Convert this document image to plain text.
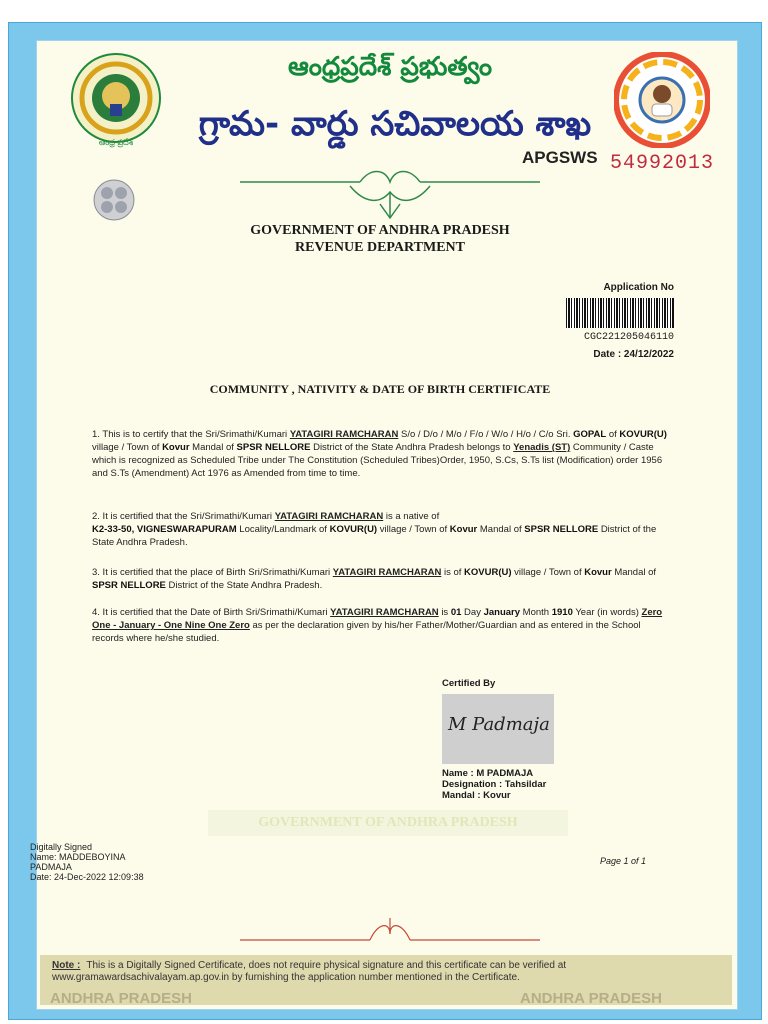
ఆంధ్ర ప్రదేశ్
ఆంధ్రప్రదేశ్ ప్రభుత్వం
గ్రామ- వార్డు సచివాలయ శాఖ
APGSWS 54992013
GOVERNMENT OF ANDHRA PRADESH
REVENUE DEPARTMENT
Application No
CGC221205046110
Date : 24/12/2022
COMMUNITY , NATIVITY & DATE OF BIRTH CERTIFICATE
1. This is to certify that the Sri/Srimathi/Kumari YATAGIRI RAMCHARAN S/o / D/o / M/o / F/o / W/o / H/o / C/o Sri. GOPAL of KOVUR(U) village / Town of Kovur Mandal of SPSR NELLORE District of the State Andhra Pradesh belongs to Yenadis (ST) Community / Caste
which is recognized as Scheduled Tribe under The Constitution (Scheduled Tribes)Order, 1950, S.Cs, S.Ts list (Modification) order 1956 and S.Ts (Amendment) Act 1976 as Amended from time to time.
2. It is certified that the Sri/Srimathi/Kumari YATAGIRI RAMCHARAN is a native of
K2-33-50, VIGNESWARAPURAM Locality/Landmark of KOVUR(U) village / Town of Kovur Mandal of SPSR NELLORE District of the State Andhra Pradesh.
3. It is certified that the place of Birth Sri/Srimathi/Kumari YATAGIRI RAMCHARAN is of KOVUR(U) village / Town of Kovur Mandal of SPSR NELLORE District of the State Andhra Pradesh.
4. It is certified that the Date of Birth Sri/Srimathi/Kumari YATAGIRI RAMCHARAN is 01 Day January Month 1910 Year (in words) Zero One - January - One Nine One Zero as per the declaration given by his/her Father/Mother/Guardian and as entered in the School records where he/she studied.
Certified By
M Padmaja
Name : M PADMAJA
Designation : Tahsildar
Mandal : Kovur
GOVERNMENT OF ANDHRA PRADESH
Digitally Signed
Name: MADDEBOYINA
PADMAJA
Date: 24-Dec-2022 12:09:38
Page 1 of 1
Note : This is a Digitally Signed Certificate, does not require physical signature and this certificate can be verified at www.gramawardsachivalayam.ap.gov.in by furnishing the application number mentioned in the Certificate.
ANDHRA PRADESH	ANDHRA PRADESH
